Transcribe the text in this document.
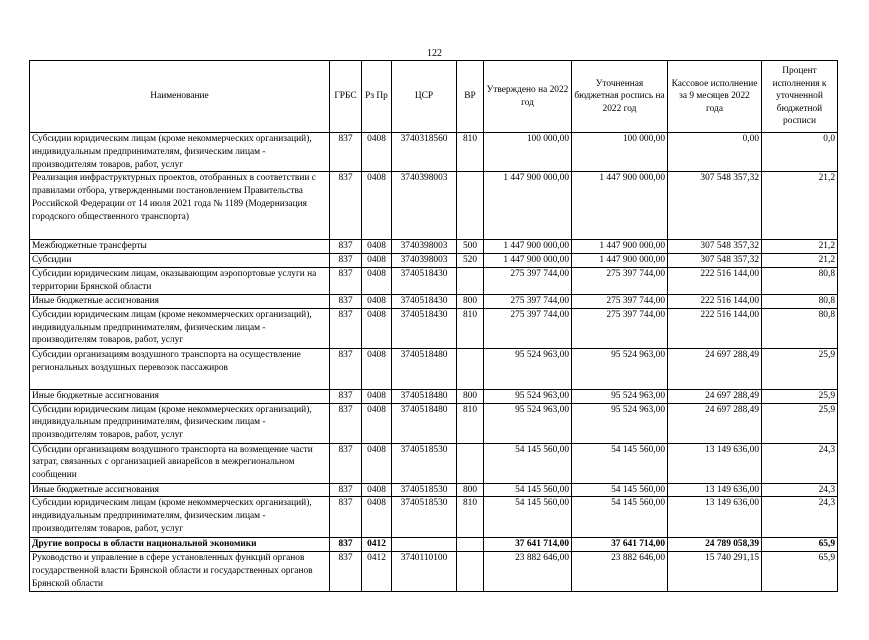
122
Наименование	ГРБС	Рз Пр	ЦСР	ВР	Утверждено на 2022 год	Уточненная бюджетная роспись на 2022 год	Кассовое исполнение за 9 месяцев 2022 года	Процент исполнения к уточненной бюджетной росписи
Субсидии юридическим лицам (кроме некоммерческих организаций), индивидуальным предпринимателям, физическим лицам - производителям товаров, работ, услуг	837	0408	3740318560	810	100 000,00	100 000,00	0,00	0,0
Реализация инфраструктурных проектов, отобранных в соответствии с правилами отбора, утвержденными постановлением Правительства Российской Федерации от 14 июля 2021 года № 1189 (Модернизация городского общественного транспорта)	837	0408	3740398003		1 447 900 000,00	1 447 900 000,00	307 548 357,32	21,2
Межбюджетные трансферты	837	0408	3740398003	500	1 447 900 000,00	1 447 900 000,00	307 548 357,32	21,2
Субсидии	837	0408	3740398003	520	1 447 900 000,00	1 447 900 000,00	307 548 357,32	21,2
Субсидии юридическим лицам, оказывающим аэропортовые услуги на территории Брянской области	837	0408	3740518430		275 397 744,00	275 397 744,00	222 516 144,00	80,8
Иные бюджетные ассигнования	837	0408	3740518430	800	275 397 744,00	275 397 744,00	222 516 144,00	80,8
Субсидии юридическим лицам (кроме некоммерческих организаций), индивидуальным предпринимателям, физическим лицам - производителям товаров, работ, услуг	837	0408	3740518430	810	275 397 744,00	275 397 744,00	222 516 144,00	80,8
Субсидии организациям воздушного транспорта на осуществление региональных воздушных перевозок пассажиров	837	0408	3740518480		95 524 963,00	95 524 963,00	24 697 288,49	25,9
Иные бюджетные ассигнования	837	0408	3740518480	800	95 524 963,00	95 524 963,00	24 697 288,49	25,9
Субсидии юридическим лицам (кроме некоммерческих организаций), индивидуальным предпринимателям, физическим лицам - производителям товаров, работ, услуг	837	0408	3740518480	810	95 524 963,00	95 524 963,00	24 697 288,49	25,9
Субсидии организациям воздушного транспорта на возмещение части затрат, связанных с организацией авиарейсов в межрегиональном сообщении	837	0408	3740518530		54 145 560,00	54 145 560,00	13 149 636,00	24,3
Иные бюджетные ассигнования	837	0408	3740518530	800	54 145 560,00	54 145 560,00	13 149 636,00	24,3
Субсидии юридическим лицам (кроме некоммерческих организаций), индивидуальным предпринимателям, физическим лицам - производителям товаров, работ, услуг	837	0408	3740518530	810	54 145 560,00	54 145 560,00	13 149 636,00	24,3
Другие вопросы в области национальной экономики	837	0412			37 641 714,00	37 641 714,00	24 789 058,39	65,9
Руководство и управление в сфере установленных функций органов государственной власти Брянской области и государственных органов Брянской области	837	0412	3740110100		23 882 646,00	23 882 646,00	15 740 291,15	65,9
